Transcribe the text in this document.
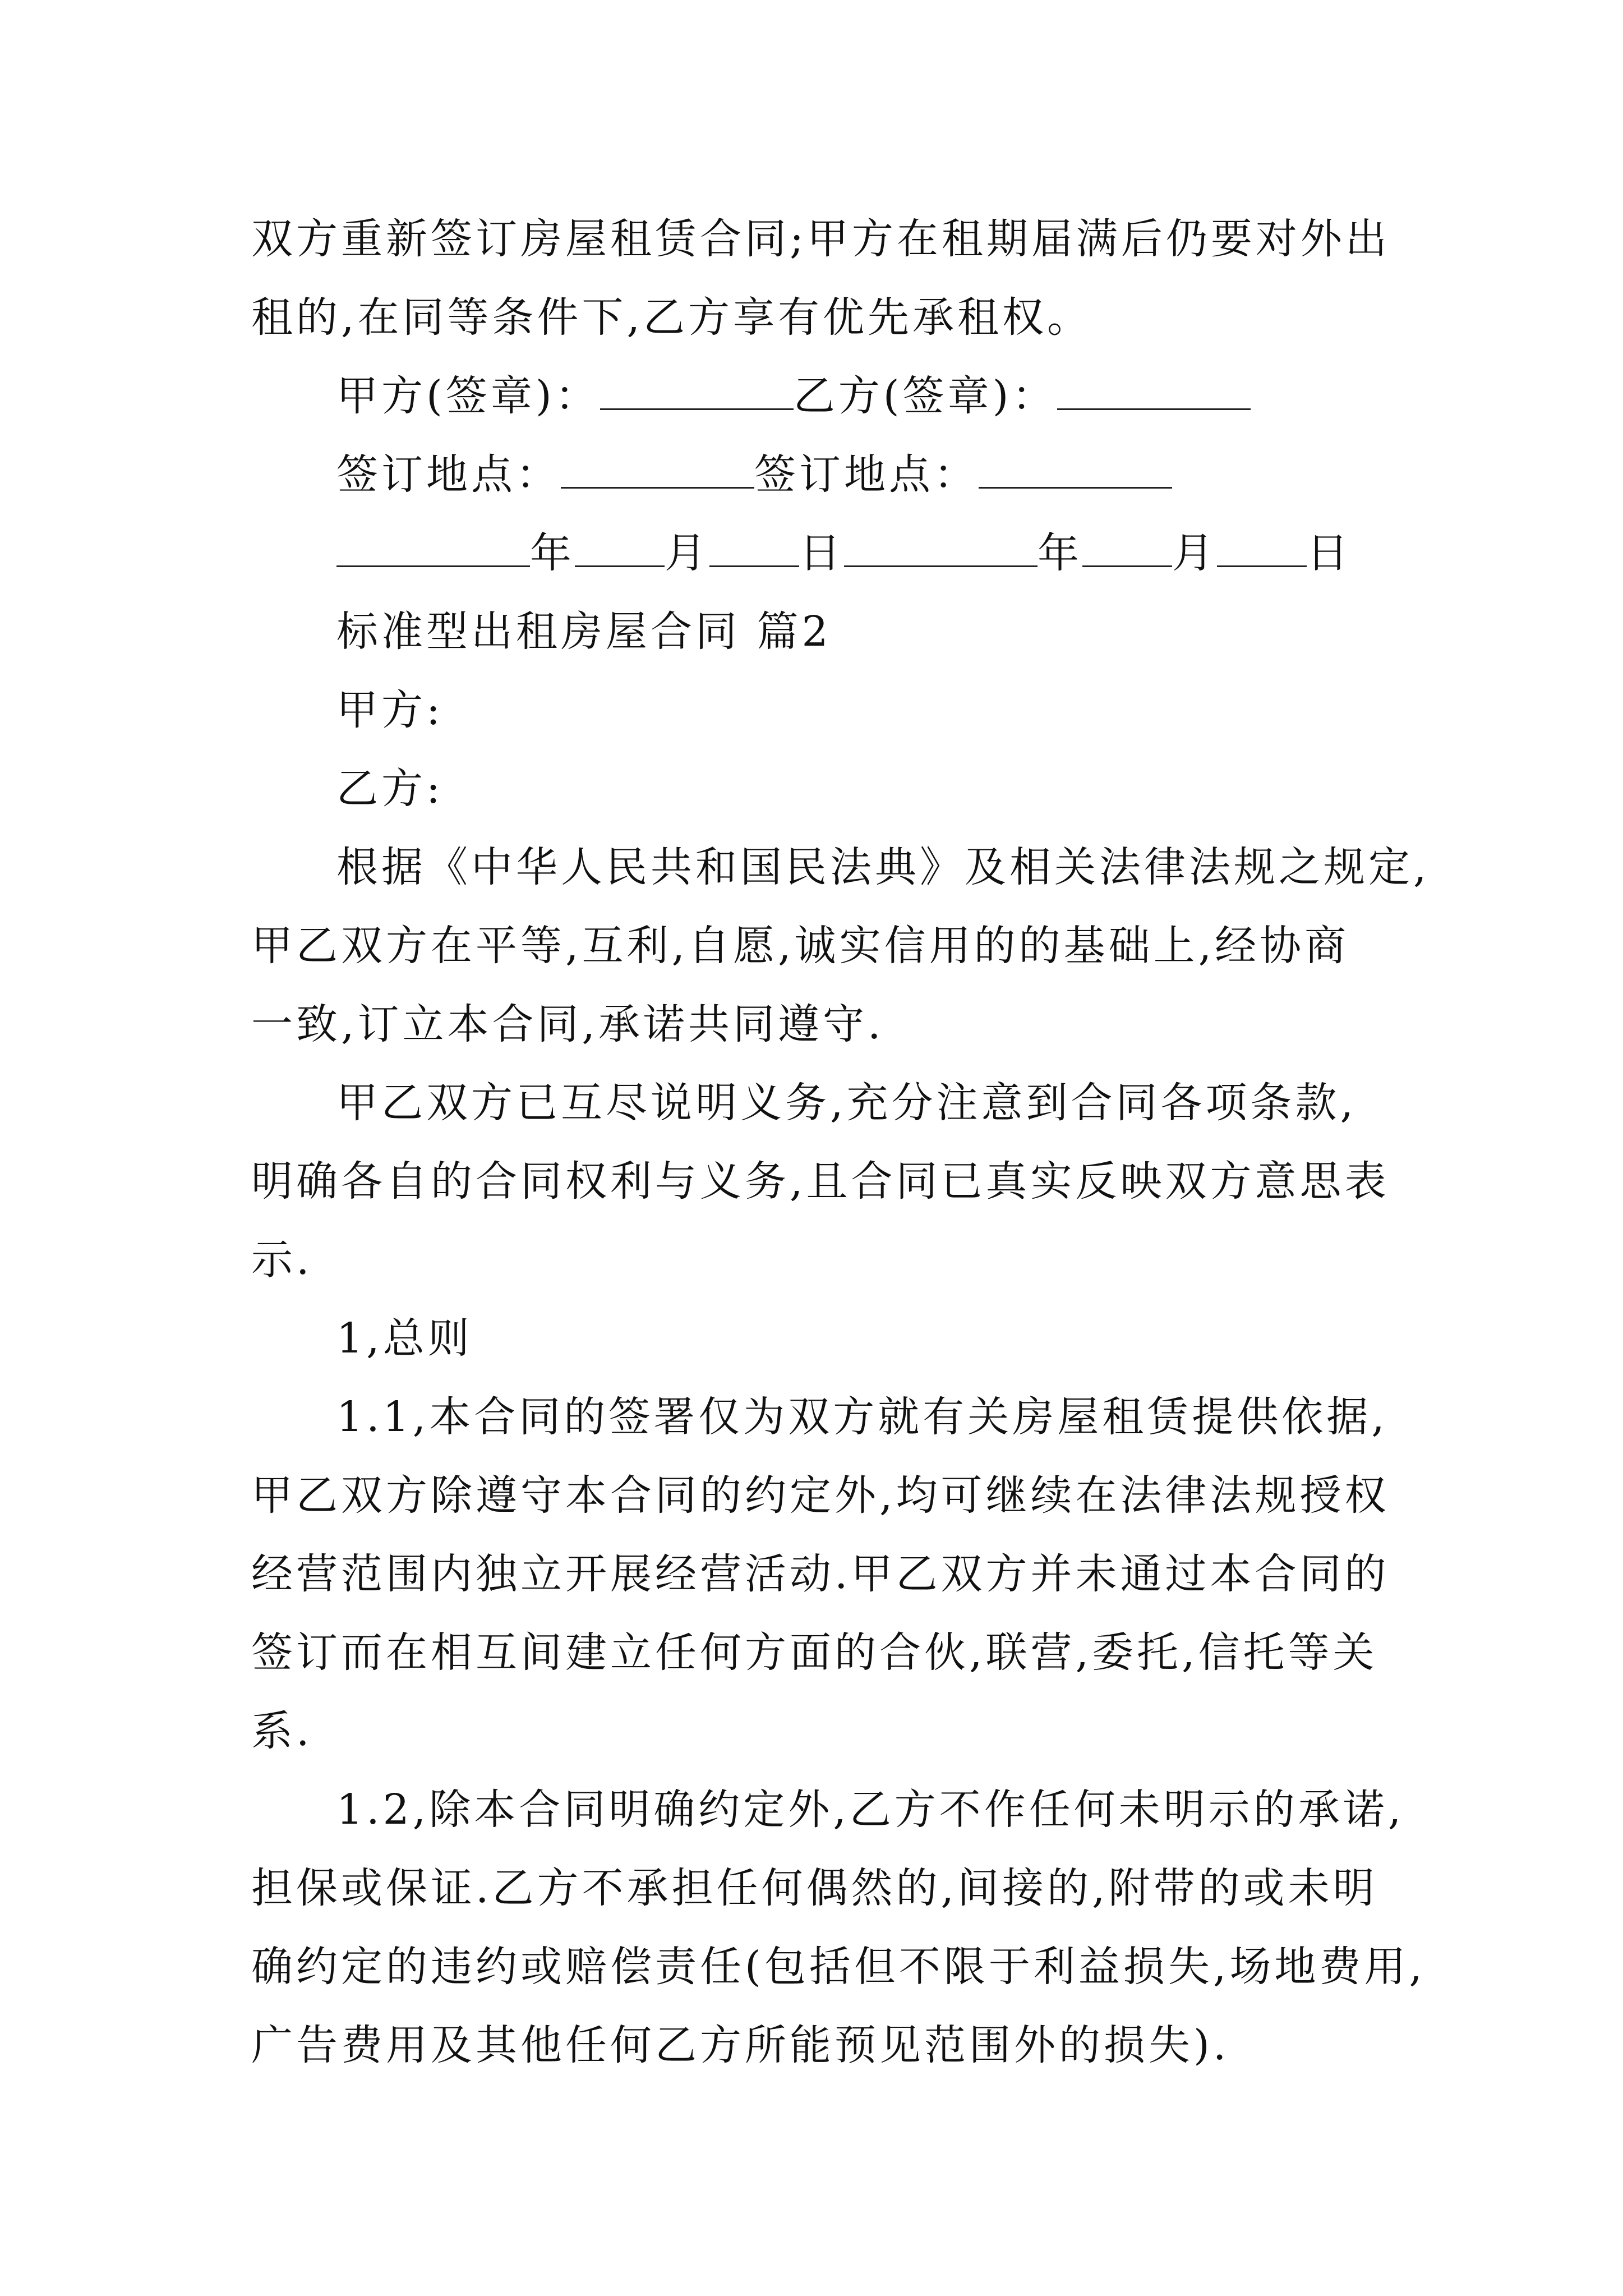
双方重新签订房屋租赁合同;甲方在租期届满后仍要对外出
租的,在同等条件下,乙方享有优先承租权。
甲方(签章)：	乙方(签章)：
签订地点：	签订地点：
年 月 日	年 月 日
标准型出租房屋合同 篇2
甲方:
乙方:
根据《中华人民共和国民法典》及相关法律法规之规定,
甲乙双方在平等,互利,自愿,诚实信用的的基础上,经协商
一致,订立本合同,承诺共同遵守.
甲乙双方已互尽说明义务,充分注意到合同各项条款,
明确各自的合同权利与义务,且合同已真实反映双方意思表
示.
1,总则
1.1,本合同的签署仅为双方就有关房屋租赁提供依据,
甲乙双方除遵守本合同的约定外,均可继续在法律法规授权
经营范围内独立开展经营活动.甲乙双方并未通过本合同的
签订而在相互间建立任何方面的合伙,联营,委托,信托等关
系.
1.2,除本合同明确约定外,乙方不作任何未明示的承诺,
担保或保证.乙方不承担任何偶然的,间接的,附带的或未明
确约定的违约或赔偿责任(包括但不限于利益损失,场地费用,
广告费用及其他任何乙方所能预见范围外的损失).
